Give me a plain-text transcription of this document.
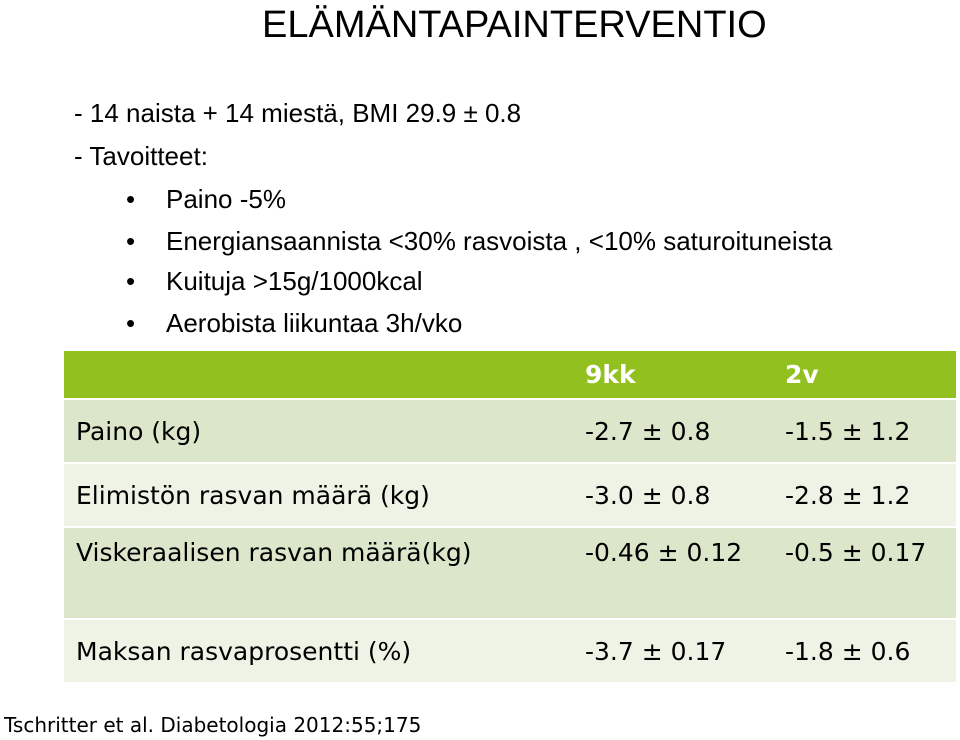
ELÄMÄNTAPAINTERVENTIO
- 14 naista + 14 miestä, BMI 29.9 ± 0.8
- Tavoitteet:
• Paino -5%
• Energiansaannista <30% rasvoista , <10% saturoituneista
• Kuituja >15g/1000kcal
• Aerobista liikuntaa 3h/vko
	9kk	2v
Paino (kg)	-2.7 ± 0.8	-1.5 ± 1.2
Elimistön rasvan määrä (kg)	-3.0 ± 0.8	-2.8 ± 1.2
Viskeraalisen rasvan määrä(kg)	-0.46 ± 0.12	-0.5 ± 0.17
Maksan rasvaprosentti (%)	-3.7 ± 0.17	-1.8 ± 0.6
Tschritter et al. Diabetologia 2012:55;175
